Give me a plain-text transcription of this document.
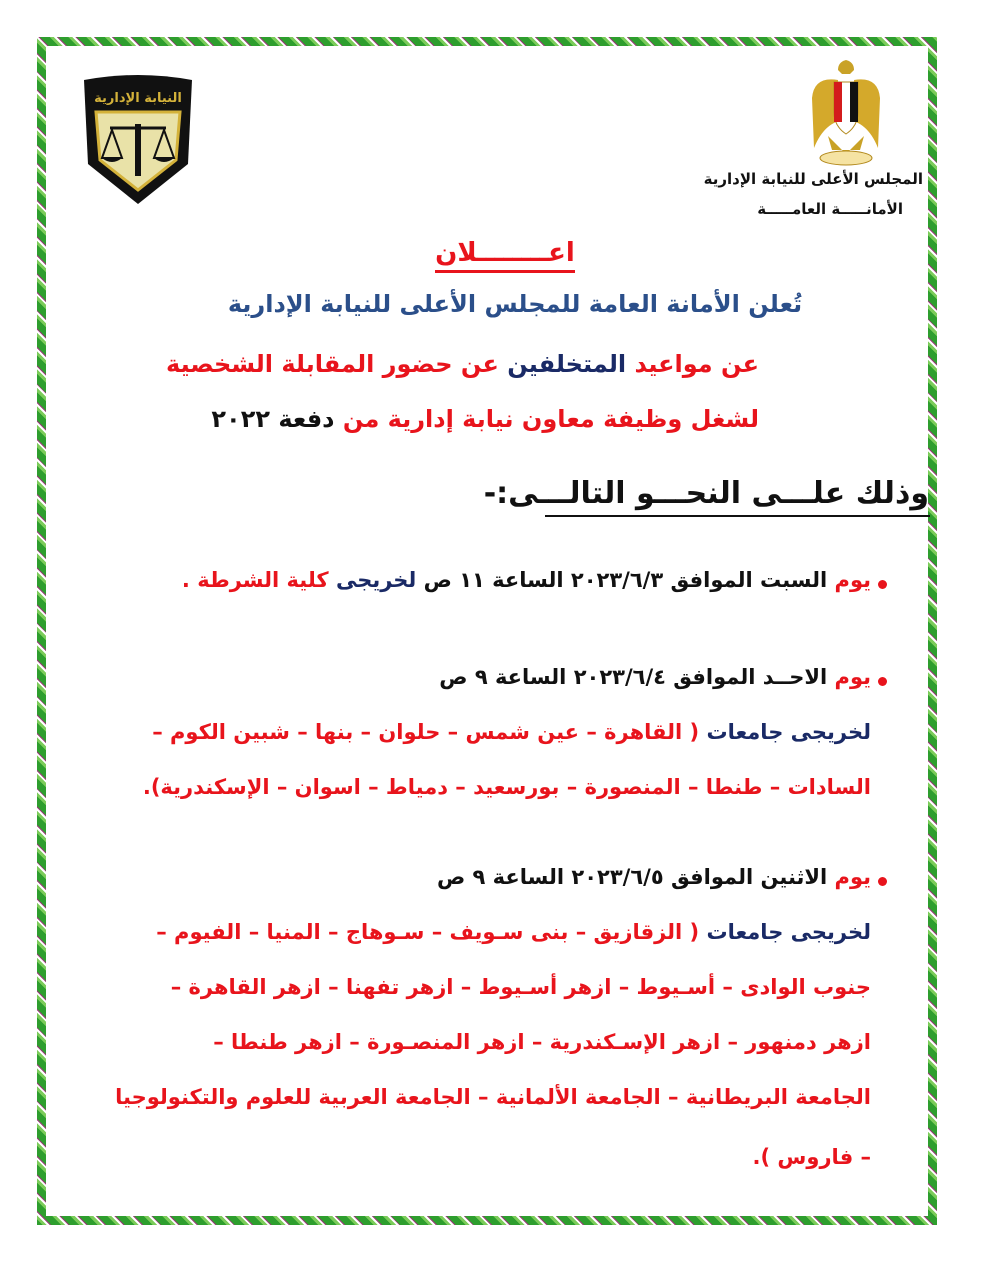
النيابة الإدارية
المجلس الأعلى للنيابة الإدارية
الأمانـــــة العامـــــة
اعــــــــلان
تُعلن الأمانة العامة للمجلس الأعلى للنيابة الإدارية
عن مواعيد المتخلفين عن حضور المقابلة الشخصية
لشغل وظيفة معاون نيابة إدارية من دفعة ٢٠٢٢
وذلك علـــى النحـــو التالـــى:-
يوم السبت الموافق ٢٠٢٣/٦/٣ الساعة ١١ ص لخريجى كلية الشرطة .
يوم الاحــد الموافق ٢٠٢٣/٦/٤ الساعة ٩ ص
لخريجى جامعات ( القاهرة – عين شمس – حلوان – بنها – شبين الكوم –
السادات – طنطا – المنصورة – بورسعيد – دمياط – اسوان – الإسكندرية).
يوم الاثنين الموافق ٢٠٢٣/٦/٥ الساعة ٩ ص
لخريجى جامعات ( الزقازيق – بنى سـويف – سـوهاج – المنيا – الفيوم –
جنوب الوادى – أسـيوط – ازهر أسـيوط – ازهر تفهنا – ازهر القاهرة –
ازهر دمنهور – ازهر الإسـكندرية – ازهر المنصـورة – ازهر طنطا –
الجامعة البريطانية – الجامعة الألمانية – الجامعة العربية للعلوم والتكنولوجيا
– فاروس ).
